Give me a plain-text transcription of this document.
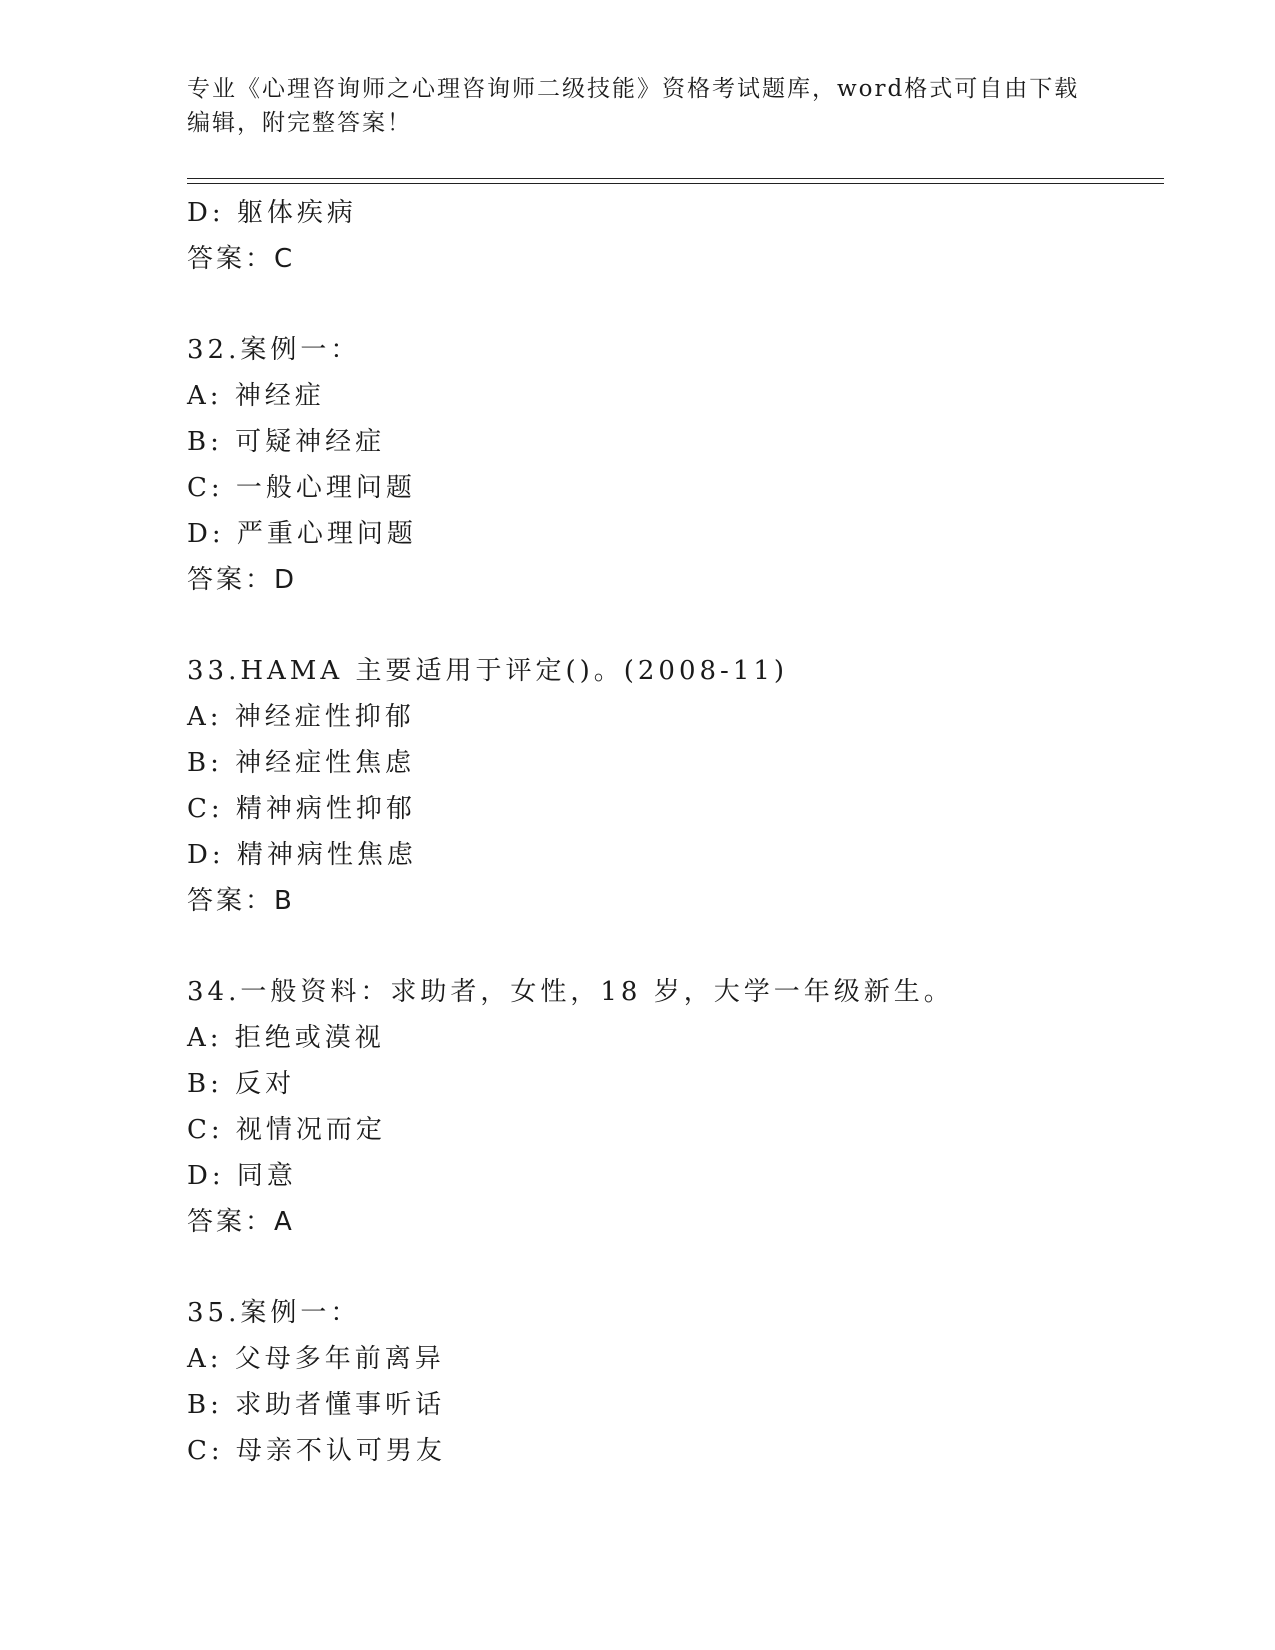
专业《心理咨询师之心理咨询师二级技能》资格考试题库，word格式可自由下载
编辑，附完整答案！
D: 躯体疾病
答案：C
32.案例一：
A: 神经症
B: 可疑神经症
C: 一般心理问题
D: 严重心理问题
答案：D
33.HAMA 主要适用于评定()。(2008-11)
A: 神经症性抑郁
B: 神经症性焦虑
C: 精神病性抑郁
D: 精神病性焦虑
答案：B
34.一般资料：求助者，女性，18 岁，大学一年级新生。
A: 拒绝或漠视
B: 反对
C: 视情况而定
D: 同意
答案：A
35.案例一：
A: 父母多年前离异
B: 求助者懂事听话
C: 母亲不认可男友
